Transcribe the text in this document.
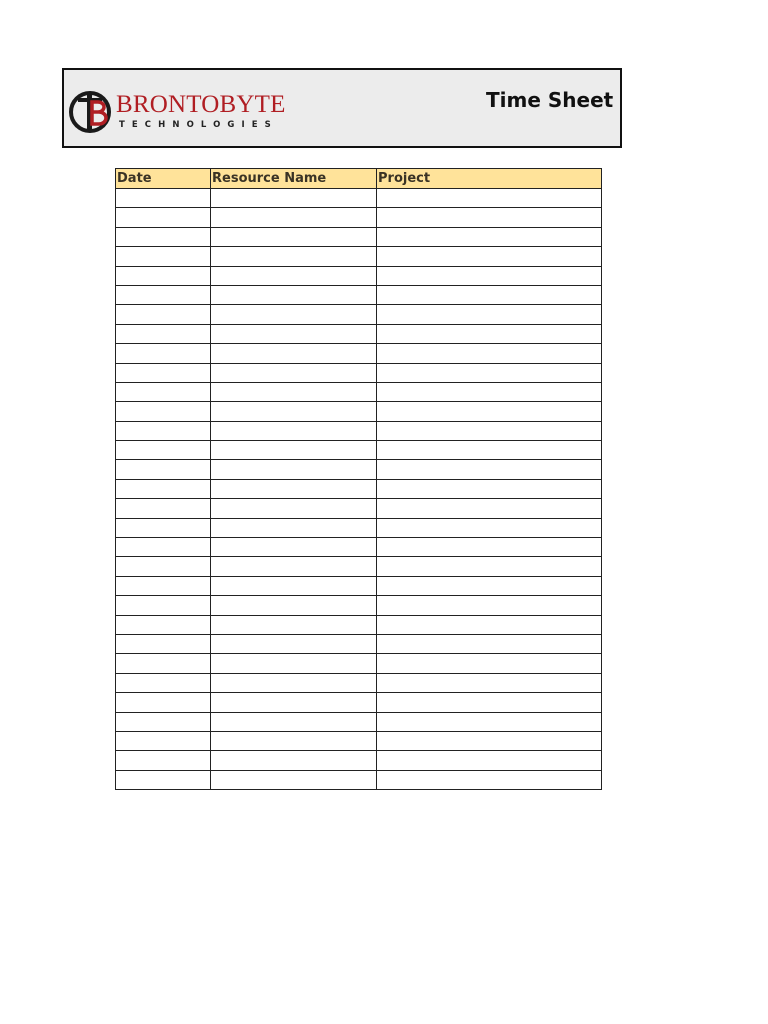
BRONTOBYTE
TECHNOLOGIES
Time Sheet
Date	Resource Name	Project
